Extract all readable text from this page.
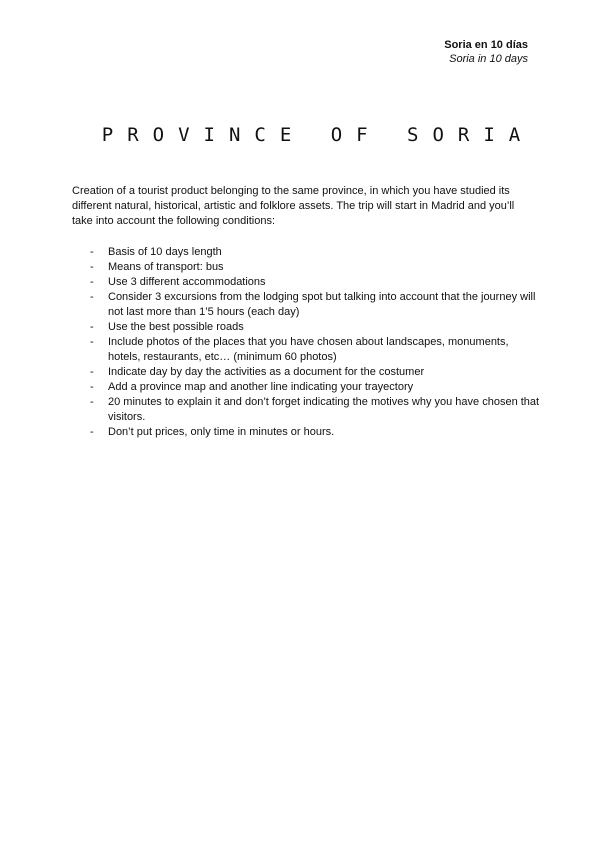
Soria en 10 días
Soria in 10 days
PROVINCE OF SORIA
Creation of a tourist product belonging to the same province, in which you have studied its different natural, historical, artistic and folklore assets. The trip will start in Madrid and you’ll take into account the following conditions:
- Basis of 10 days length
- Means of transport: bus
- Use 3 different accommodations
- Consider 3 excursions from the lodging spot but talking into account that the journey will not last more than 1’5 hours (each day)
- Use the best possible roads
- Include photos of the places that you have chosen about landscapes, monuments, hotels, restaurants, etc… (minimum 60 photos)
- Indicate day by day the activities as a document for the costumer
- Add a province map and another line indicating your trayectory
- 20 minutes to explain it and don’t forget indicating the motives why you have chosen that visitors.
- Don’t put prices, only time in minutes or hours.
